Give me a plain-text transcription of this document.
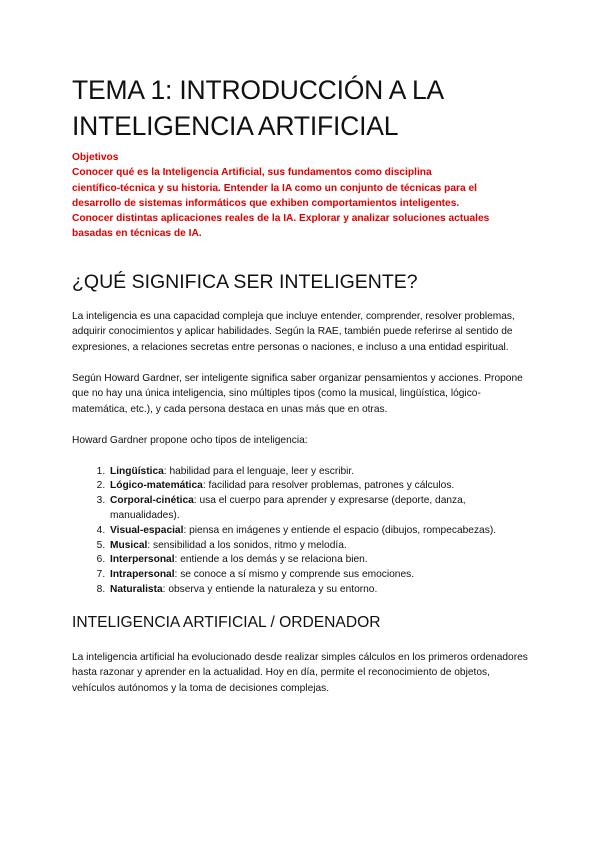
TEMA 1: INTRODUCCIÓN A LA
INTELIGENCIA ARTIFICIAL
Objetivos
Conocer qué es la Inteligencia Artificial, sus fundamentos como disciplina
científico-técnica y su historia. Entender la IA como un conjunto de técnicas para el
desarrollo de sistemas informáticos que exhiben comportamientos inteligentes.
Conocer distintas aplicaciones reales de la IA. Explorar y analizar soluciones actuales
basadas en técnicas de IA.
¿QUÉ SIGNIFICA SER INTELIGENTE?

La inteligencia es una capacidad compleja que incluye entender, comprender, resolver problemas, adquirir conocimientos y aplicar habilidades. Según la RAE, también puede referirse al sentido de expresiones, a relaciones secretas entre personas o naciones, e incluso a una entidad espiritual.

Según Howard Gardner, ser inteligente significa saber organizar pensamientos y acciones. Propone que no hay una única inteligencia, sino múltiples tipos (como la musical, lingüística, lógico-matemática, etc.), y cada persona destaca en unas más que en otras.

Howard Gardner propone ocho tipos de inteligencia:

1. Lingüística: habilidad para el lenguaje, leer y escribir.
2. Lógico-matemática: facilidad para resolver problemas, patrones y cálculos.
3. Corporal-cinética: usa el cuerpo para aprender y expresarse (deporte, danza, manualidades).
4. Visual-espacial: piensa en imágenes y entiende el espacio (dibujos, rompecabezas).
5. Musical: sensibilidad a los sonidos, ritmo y melodía.
6. Interpersonal: entiende a los demás y se relaciona bien.
7. Intrapersonal: se conoce a sí mismo y comprende sus emociones.
8. Naturalista: observa y entiende la naturaleza y su entorno.
INTELIGENCIA ARTIFICIAL / ORDENADOR

La inteligencia artificial ha evolucionado desde realizar simples cálculos en los primeros ordenadores hasta razonar y aprender en la actualidad. Hoy en día, permite el reconocimiento de objetos, vehículos autónomos y la toma de decisiones complejas.
